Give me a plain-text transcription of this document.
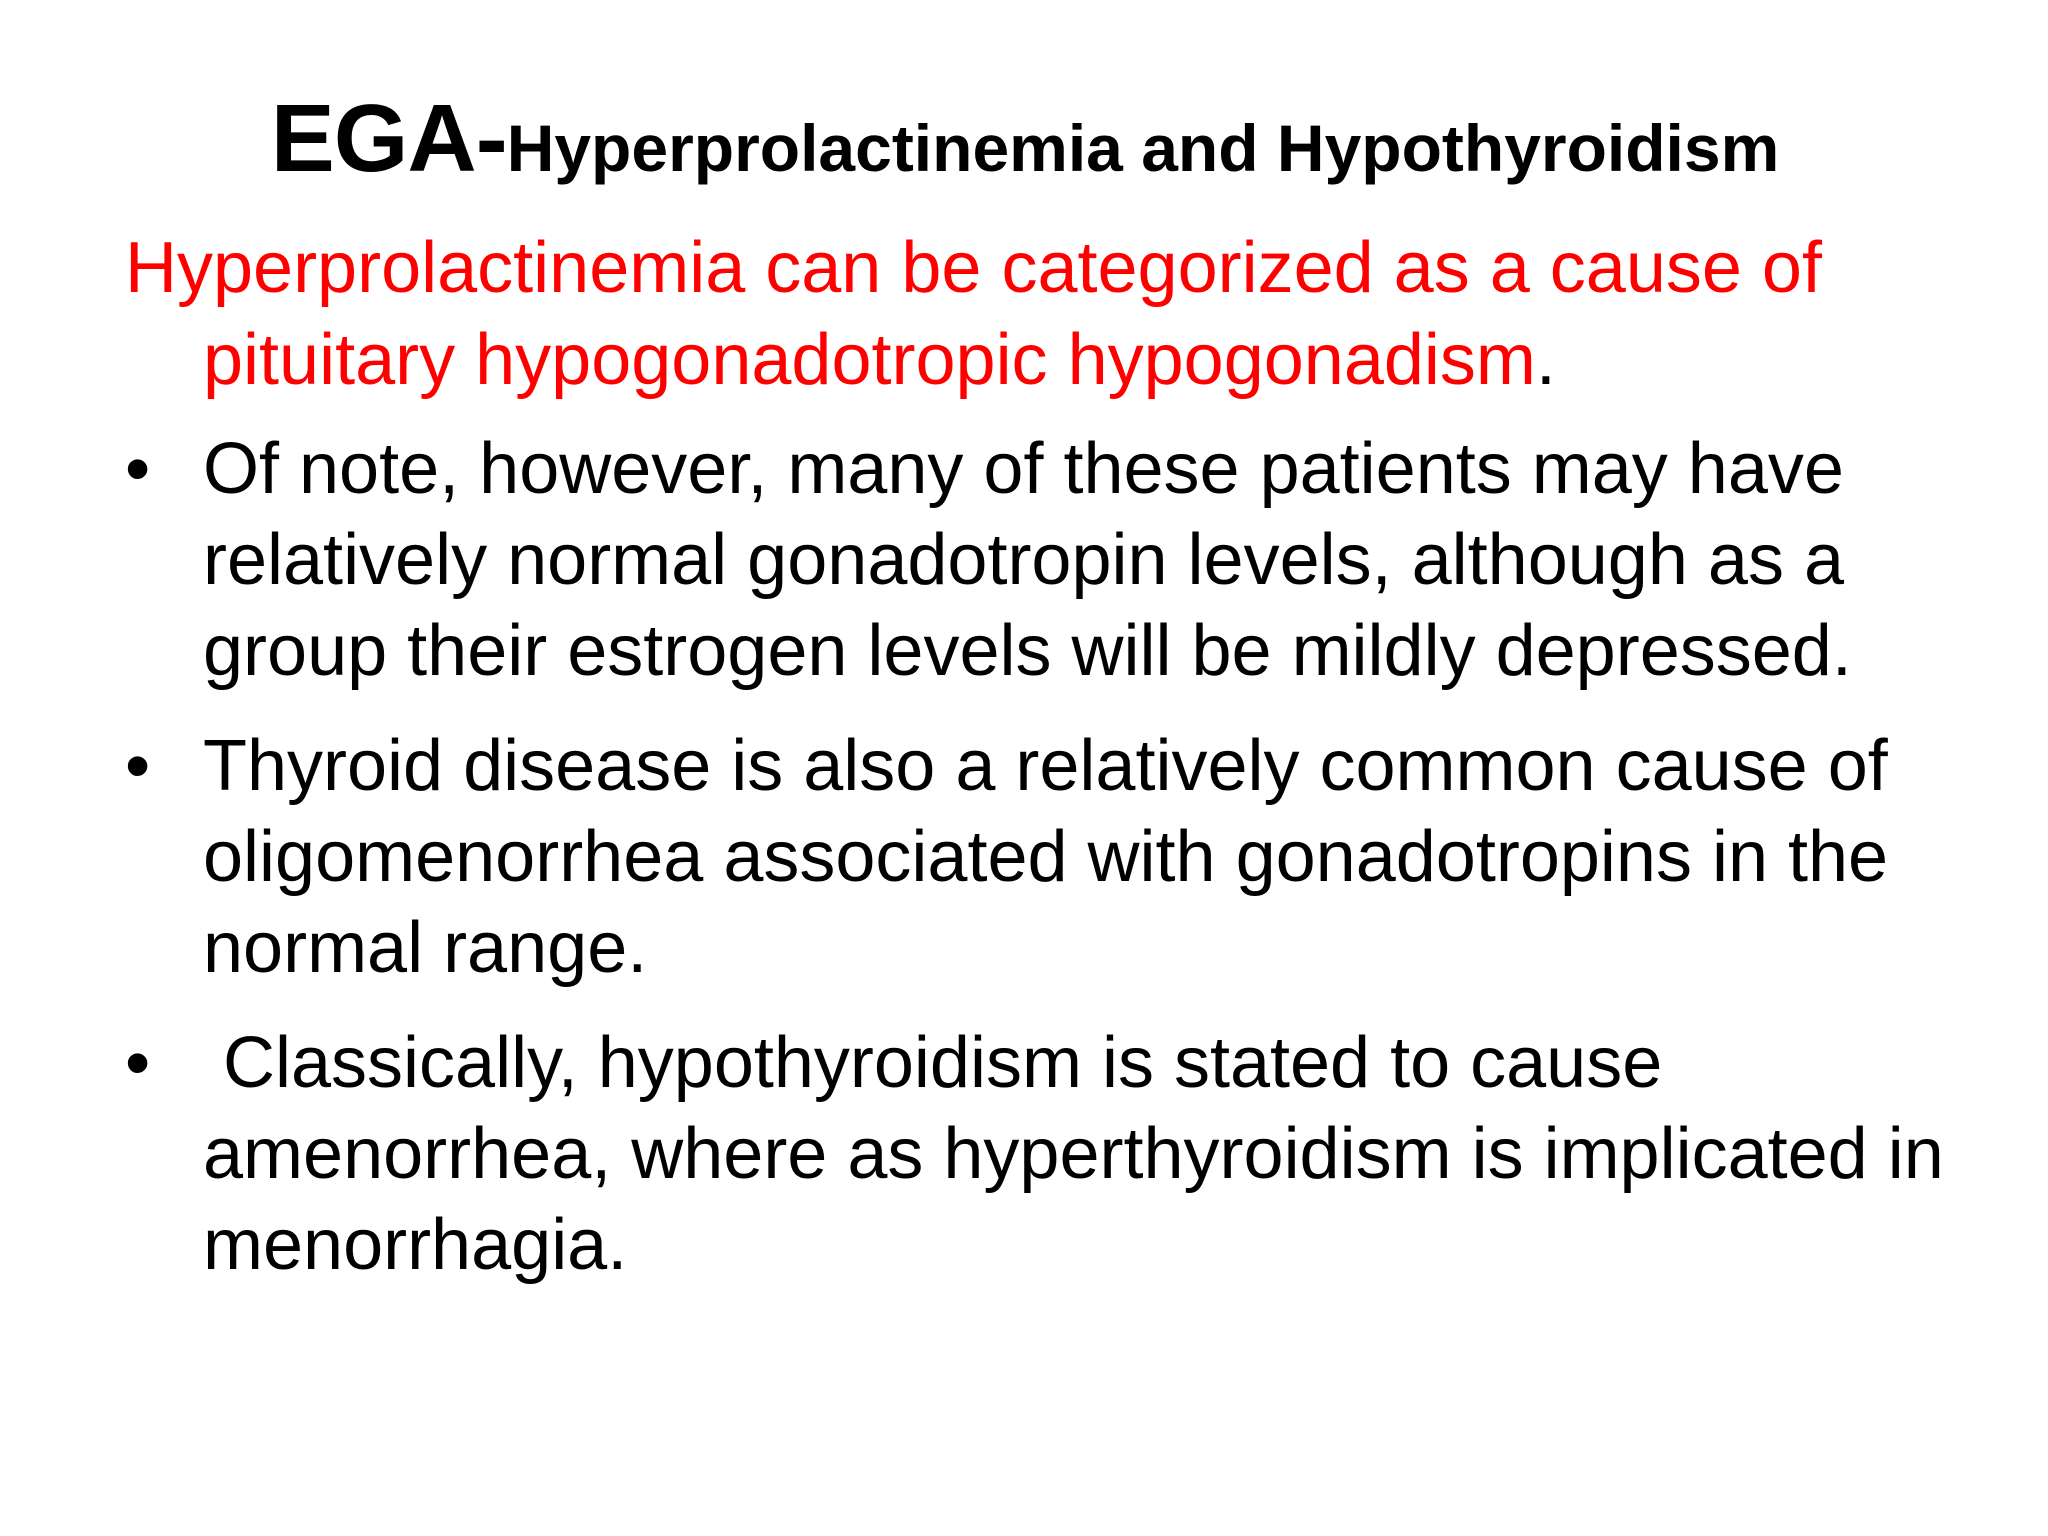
EGA-Hyperprolactinemia and Hypothyroidism
Hyperprolactinemia can be categorized as a cause of pituitary hypogonadotropic hypogonadism.
• Of note, however, many of these patients may have relatively normal gonadotropin levels, although as a group their estrogen levels will be mildly depressed.
• Thyroid disease is also a relatively common cause of oligomenorrhea associated with gonadotropins in the normal range.
•	Classically, hypothyroidism is stated to cause amenorrhea, where as hyperthyroidism is implicated in menorrhagia.
